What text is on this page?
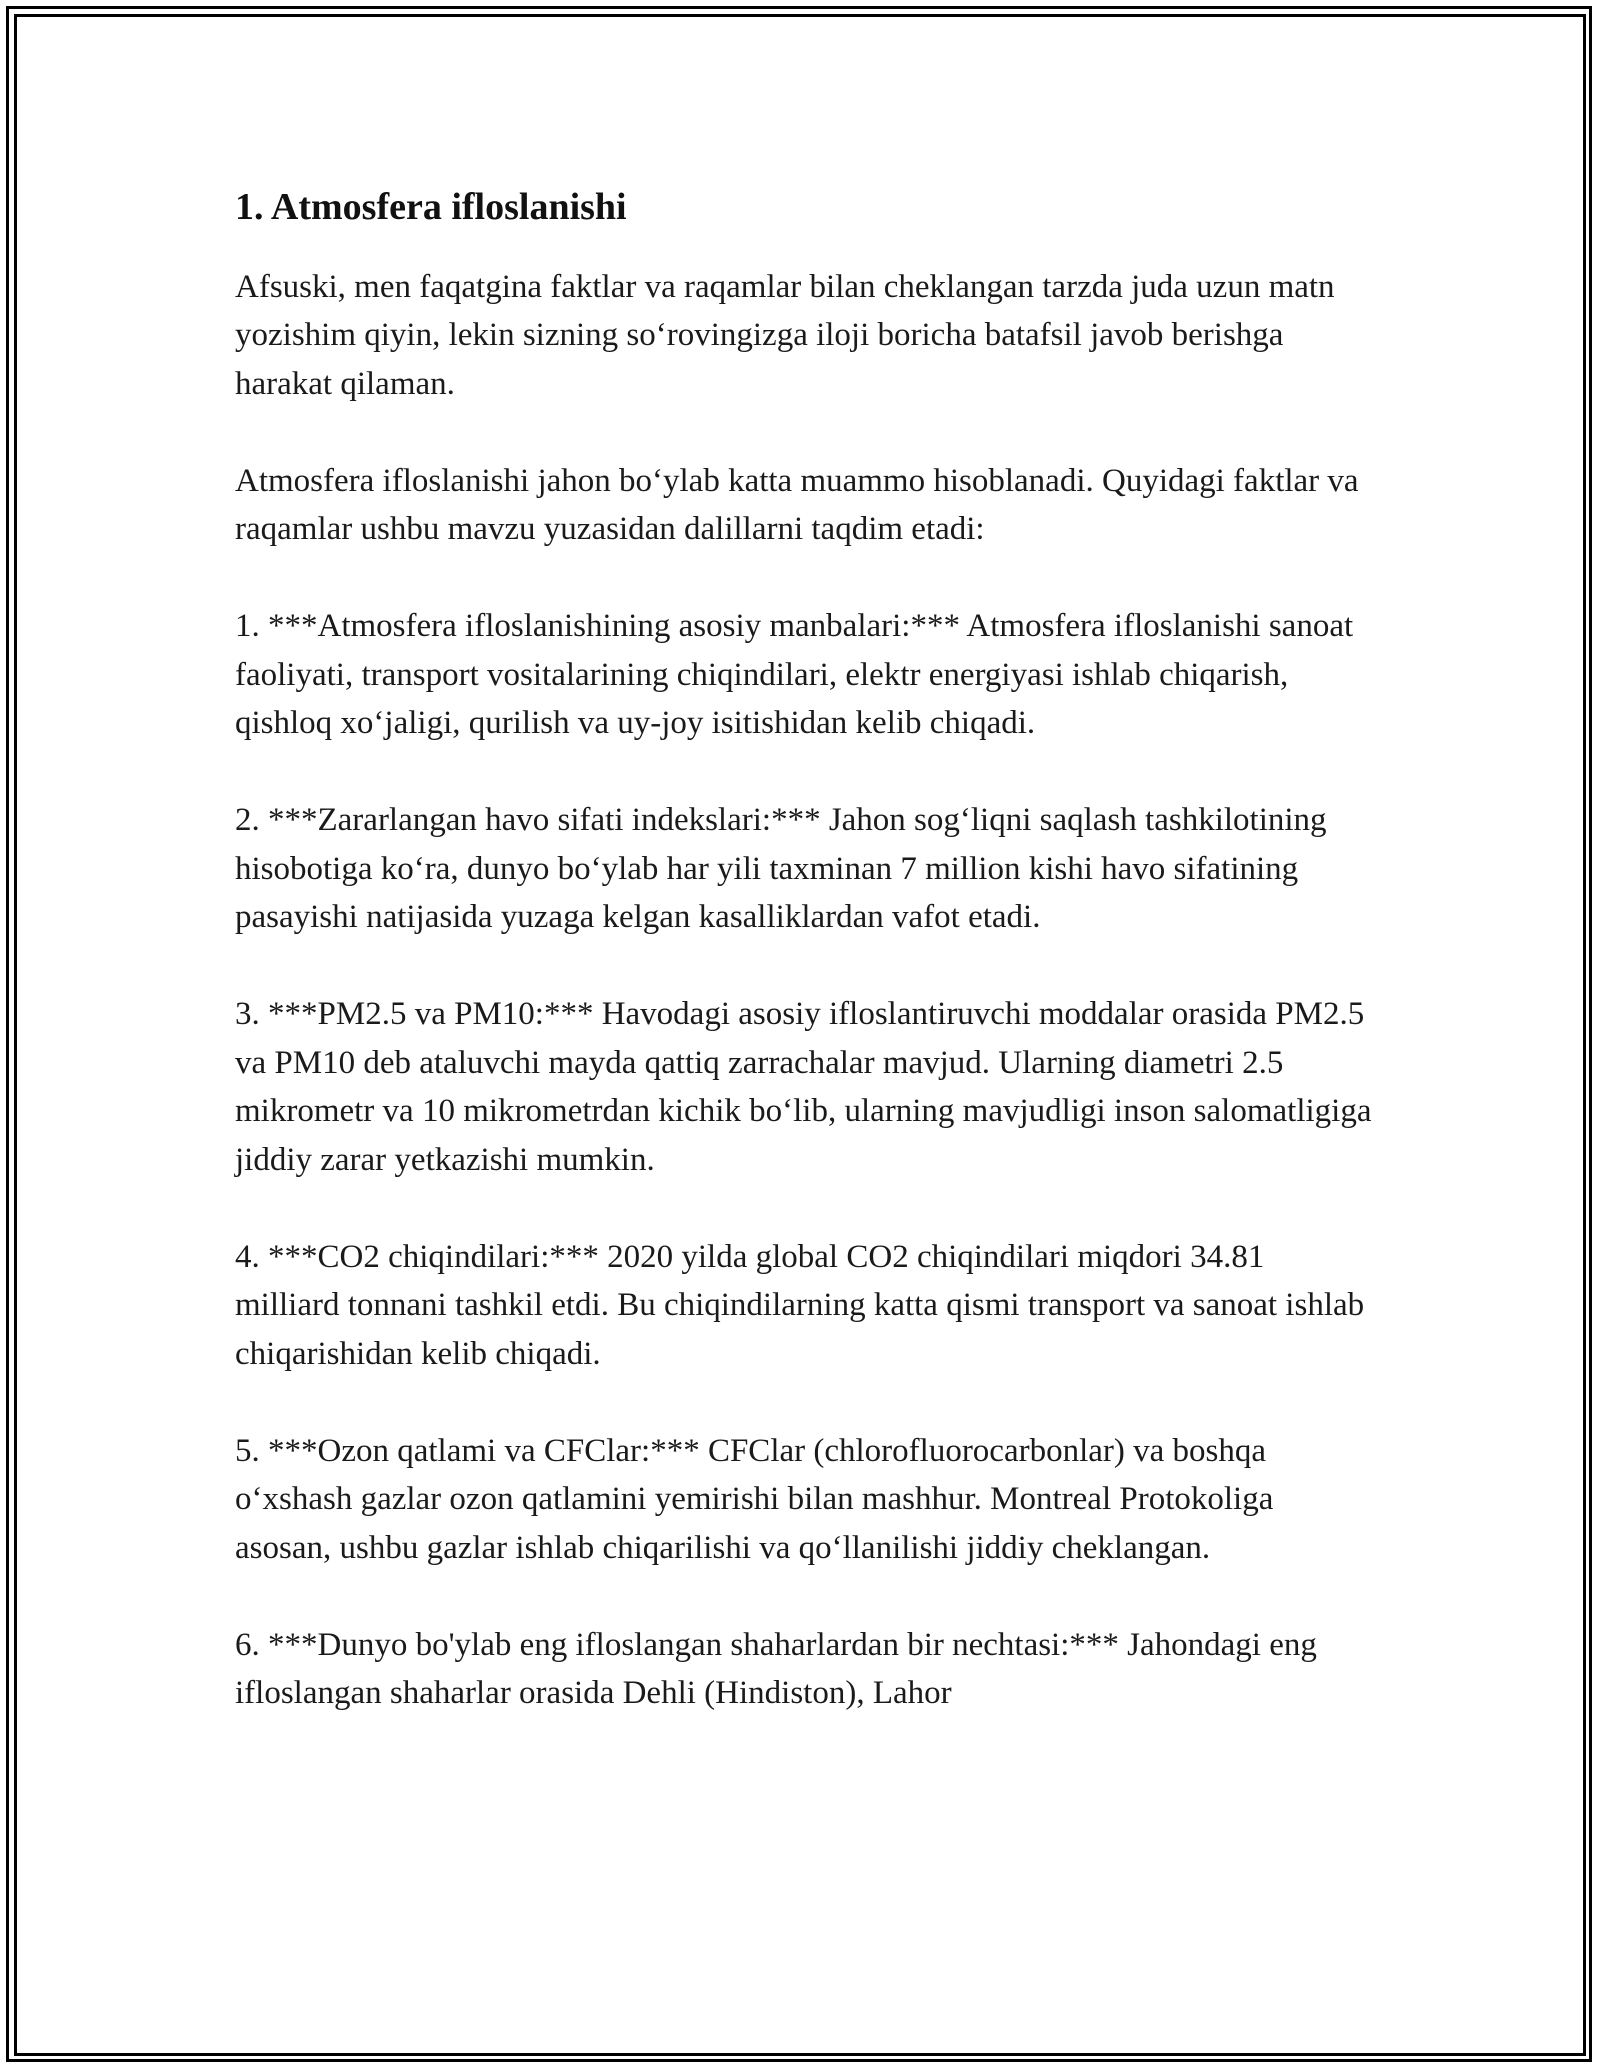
1. Atmosfera ifloslanishi

Afsuski, men faqatgina faktlar va raqamlar bilan cheklangan tarzda juda uzun matn yozishim qiyin, lekin sizning so‘rovingizga iloji boricha batafsil javob berishga harakat qilaman.

Atmosfera ifloslanishi jahon bo‘ylab katta muammo hisoblanadi. Quyidagi faktlar va raqamlar ushbu mavzu yuzasidan dalillarni taqdim etadi:

1. ***Atmosfera ifloslanishining asosiy manbalari:*** Atmosfera ifloslanishi sanoat faoliyati, transport vositalarining chiqindilari, elektr energiyasi ishlab chiqarish, qishloq xo‘jaligi, qurilish va uy-joy isitishidan kelib chiqadi.

2. ***Zararlangan havo sifati indekslari:*** Jahon sog‘liqni saqlash tashkilotining hisobotiga ko‘ra, dunyo bo‘ylab har yili taxminan 7 million kishi havo sifatining pasayishi natijasida yuzaga kelgan kasalliklardan vafot etadi.

3. ***PM2.5 va PM10:*** Havodagi asosiy ifloslantiruvchi moddalar orasida PM2.5 va PM10 deb ataluvchi mayda qattiq zarrachalar mavjud. Ularning diametri 2.5 mikrometr va 10 mikrometrdan kichik bo‘lib, ularning mavjudligi inson salomatligiga jiddiy zarar yetkazishi mumkin.

4. ***CO2 chiqindilari:*** 2020 yilda global CO2 chiqindilari miqdori 34.81 milliard tonnani tashkil etdi. Bu chiqindilarning katta qismi transport va sanoat ishlab chiqarishidan kelib chiqadi.

5. ***Ozon qatlami va CFClar:*** CFClar (chlorofluorocarbonlar) va boshqa o‘xshash gazlar ozon qatlamini yemirishi bilan mashhur. Montreal Protokoliga asosan, ushbu gazlar ishlab chiqarilishi va qo‘llanilishi jiddiy cheklangan.

6. ***Dunyo bo'ylab eng ifloslangan shaharlardan bir nechtasi:*** Jahondagi eng ifloslangan shaharlar orasida Dehli (Hindiston), Lahor
